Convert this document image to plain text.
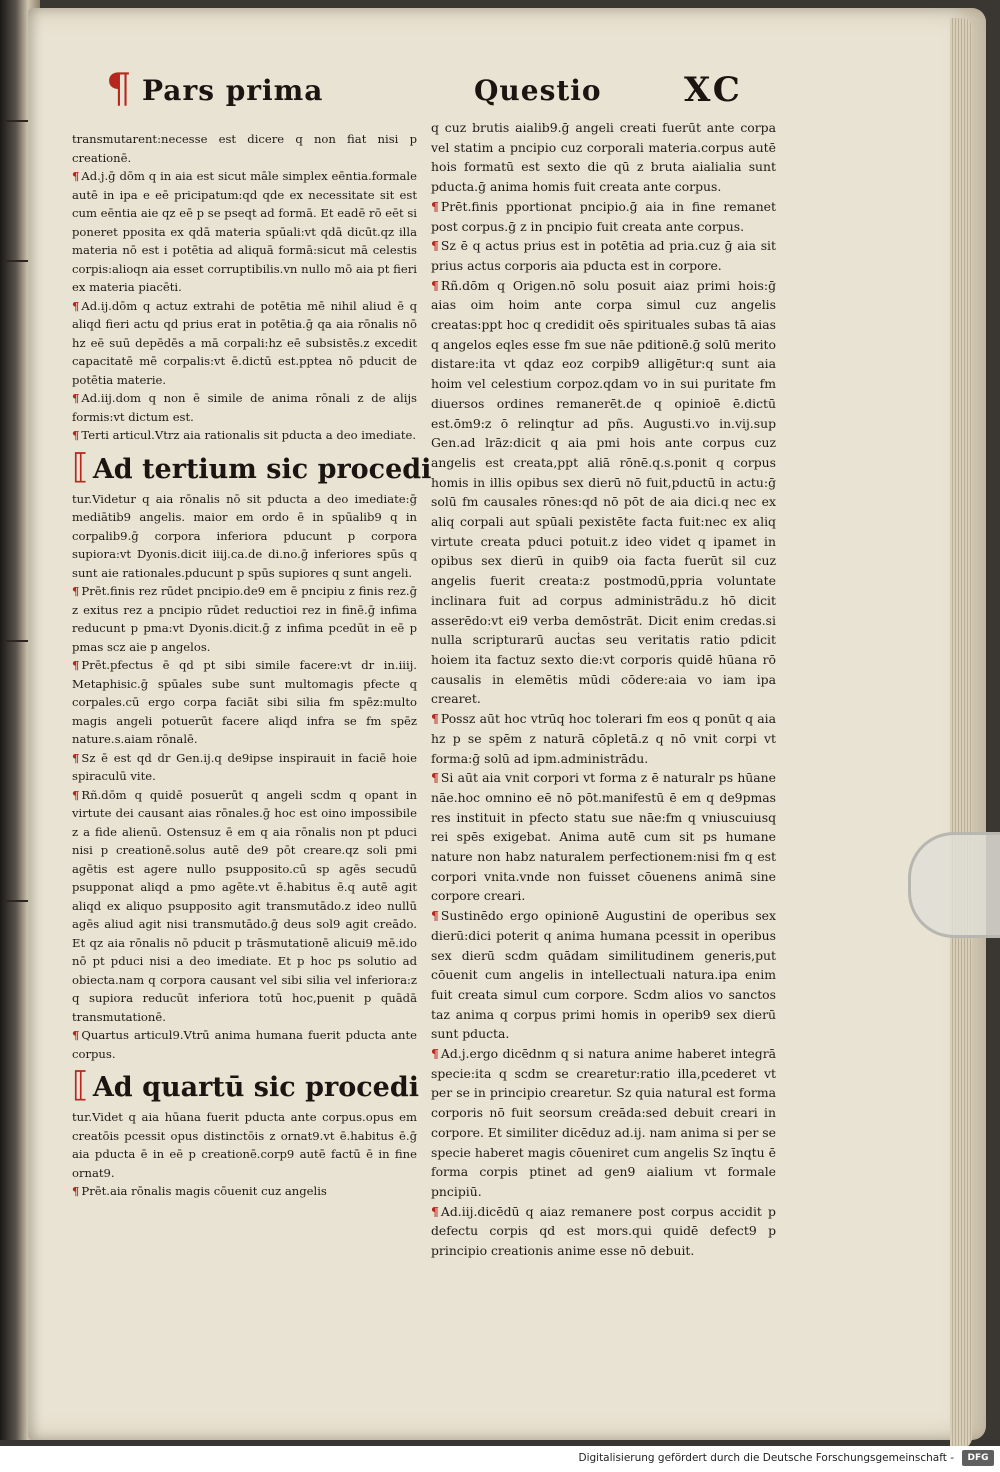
¶ Pars prima	Questio XC

transmutarent:necesse est dicere q non fiat nisi p creationē.

¶ Ad.j.ḡ dōm q in aia est sicut māle simplex eēntia.formale autē in ipa e eē pricipatum:qd qde ex necessitate sit est cum eēntia aie qz eē p se pseqt ad formā. Et eadē rō eēt si poneret pposita ex qdā materia spūali:vt qdā dicūt.qz illa materia nō est i potētia ad aliquā formā:sicut mā celestis corpis:alioqn aia esset corruptibilis.vn nullo mō aia pt fieri ex materia piacēti.

¶ Ad.ij.dōm q actuz extrahi de potētia mē nihil aliud ē q aliqd fieri actu qd prius erat in potētia.ḡ qa aia rōnalis nō hz eē suū depēdēs a mā corpali:hz eē subsistēs.z excedit capacitatē mē corpalis:vt ē.dictū est.pptea nō pducit de potētia materie.

¶ Ad.iij.dom q non ē simile de anima rōnali z de alijs formis:vt dictum est.

¶ Terti articul.Vtrz aia rationalis sit pducta a deo imediate.

⟦ Ad tertium sic procedi

tur.Videtur q aia rōnalis nō sit pducta a deo imediate:ḡ mediātib9 angelis. maior em ordo ē in spūalib9 q in corpalib9.ḡ corpora inferiora pducunt p corpora supiora:vt Dyonis.dicit iiij.ca.de di.no.ḡ inferiores spūs q sunt aie rationales.pducunt p spūs supiores q sunt angeli.

¶ Prēt.finis rez rūdet pncipio.de9 em ē pncipiu z finis rez.ḡ z exitus rez a pncipio rūdet reductioi rez in finē.ḡ infima reducunt p pma:vt Dyonis.dicit.ḡ z infima pcedūt in eē p pmas scz aie p angelos.

¶ Prēt.pfectus ē qd pt sibi simile facere:vt dr in.iiij. Metaphisic.ḡ spūales sube sunt multomagis pfecte q corpales.cū ergo corpa faciāt sibi silia fm spēz:multo magis angeli potuerūt facere aliqd infra se fm spēz nature.s.aiam rōnalē.

¶ Sz ē est qd dr Gen.ij.q de9ipse inspirauit in faciē hoie spiraculū vite.

¶ Rñ.dōm q quidē posuerūt q angeli scdm q opant in virtute dei causant aias rōnales.ḡ hoc est oino impossibile z a fide alienū. Ostensuz ē em q aia rōnalis non pt pduci nisi p creationē.solus autē de9 pōt creare.qz soli pmi agētis est agere nullo psupposito.cū sp agēs secudū psupponat aliqd a pmo agēte.vt ē.habitus ē.q autē agit aliqd ex aliquo psupposito agit transmutādo.z ideo nullū agēs aliud agit nisi transmutādo.ḡ deus sol9 agit creādo. Et qz aia rōnalis nō pducit p trāsmutationē alicui9 mē.ido nō pt pduci nisi a deo imediate. Et p hoc ps solutio ad obiecta.nam q corpora causant vel sibi silia vel inferiora:z q supiora reducūt inferiora totū hoc,puenit p quādā transmutationē.

¶ Quartus articul9.Vtrū anima humana fuerit pducta ante corpus.

⟦ Ad quartū sic procedi

tur.Videt q aia hūana fuerit pducta ante corpus.opus em creatōis pcessit opus distinctōis z ornat9.vt ē.habitus ē.ḡ aia pducta ē in eē p creationē.corp9 autē factū ē in fine ornat9.

¶ Prēt.aia rōnalis magis cōuenit cuz angelis

q cuz brutis aialib9.ḡ angeli creati fuerūt ante corpa vel statim a pncipio cuz corporali materia.corpus autē hois formatū est sexto die qū z bruta aialialia sunt pducta.ḡ anima homis fuit creata ante corpus.

¶ Prēt.finis pportionat pncipio.ḡ aia in fine remanet post corpus.ḡ z in pncipio fuit creata ante corpus.

¶ Sz ē q actus prius est in potētia ad pria.cuz ḡ aia sit prius actus corporis aia pducta est in corpore.

¶ Rñ.dōm q Origen.nō solu posuit aiaz primi hois:ḡ aias oim hoim ante corpa simul cuz angelis creatas:ppt hoc q credidit oēs spirituales subas tā aias q angelos eqles esse fm sue nāe pditionē.ḡ solū merito distare:ita vt qdaz eoz corpib9 alligētur:q sunt aia hoim vel celestium corpoz.qdam vo in sui puritate fm diuersos ordines remanerēt.de q opinioē ē.dictū est.ōm9:z ō relinqtur ad pñs. Augusti.vo in.vij.sup Gen.ad lrāz:dicit q aia pmi hois ante corpus cuz angelis est creata,ppt aliā rōnē.q.s.ponit q corpus homis in illis opibus sex dierū nō fuit,pductū in actu:ḡ solū fm causales rōnes:qd nō pōt de aia dici.q nec ex aliq corpali aut spūali pexistēte facta fuit:nec ex aliq virtute creata pduci potuit.z ideo videt q ipamet in opibus sex dierū in quib9 oia facta fuerūt sil cuz angelis fuerit creata:z postmodū,ppria voluntate inclinara fuit ad corpus administrādu.z hō dicit asserēdo:vt ei9 verba demōstrāt. Dicit enim credas.si nulla scripturarū aucṫas seu veritatis ratio pdicit hoiem ita factuz sexto die:vt corporis quidē hūana rō causalis in elemētis mūdi cōdere:aia vo iam ipa crearet.

¶ Possz aūt hoc vtrūq hoc tolerari fm eos q ponūt q aia hz p se spēm z naturā cōpletā.z q nō vnit corpi vt forma:ḡ solū ad ipm.administrādu.

¶ Si aūt aia vnit corpori vt forma z ē naturalr ps hūane nāe.hoc omnino eē nō pōt.manifestū ē em q de9pmas res instituit in pfecto statu sue nāe:fm q vniuscuiusq rei spēs exigebat. Anima autē cum sit ps humane nature non habz naturalem perfectionem:nisi fm q est corpori vnita.vnde non fuisset cōuenens animā sine corpore creari.

¶ Sustinēdo ergo opinionē Augustini de operibus sex dierū:dici poterit q anima humana pcessit in operibus sex dierū scdm quādam similitudinem generis,put cōuenit cum angelis in intellectuali natura.ipa enim fuit creata simul cum corpore. Scdm alios vo sanctos taz anima q corpus primi homis in operib9 sex dierū sunt pducta.

¶ Ad.j.ergo dicēdnm q si natura anime haberet integrā specie:ita q scdm se crearetur:ratio illa,pcederet vt per se in principio crearetur. Sz quia natural est forma corporis nō fuit seorsum creāda:sed debuit creari in corpore. Et similiter dicēduz ad.ij. nam anima si per se specie haberet magis cōueniret cum angelis Sz īnqtu ē forma corpis ptinet ad gen9 aialium vt formale pncipiū.

¶ Ad.iij.dicēdū q aiaz remanere post corpus accidit p defectu corpis qd est mors.qui quidē defect9 p principio creationis anime esse nō debuit.

Digitalisierung gefördert durch die Deutsche Forschungsgemeinschaft -	DFG
